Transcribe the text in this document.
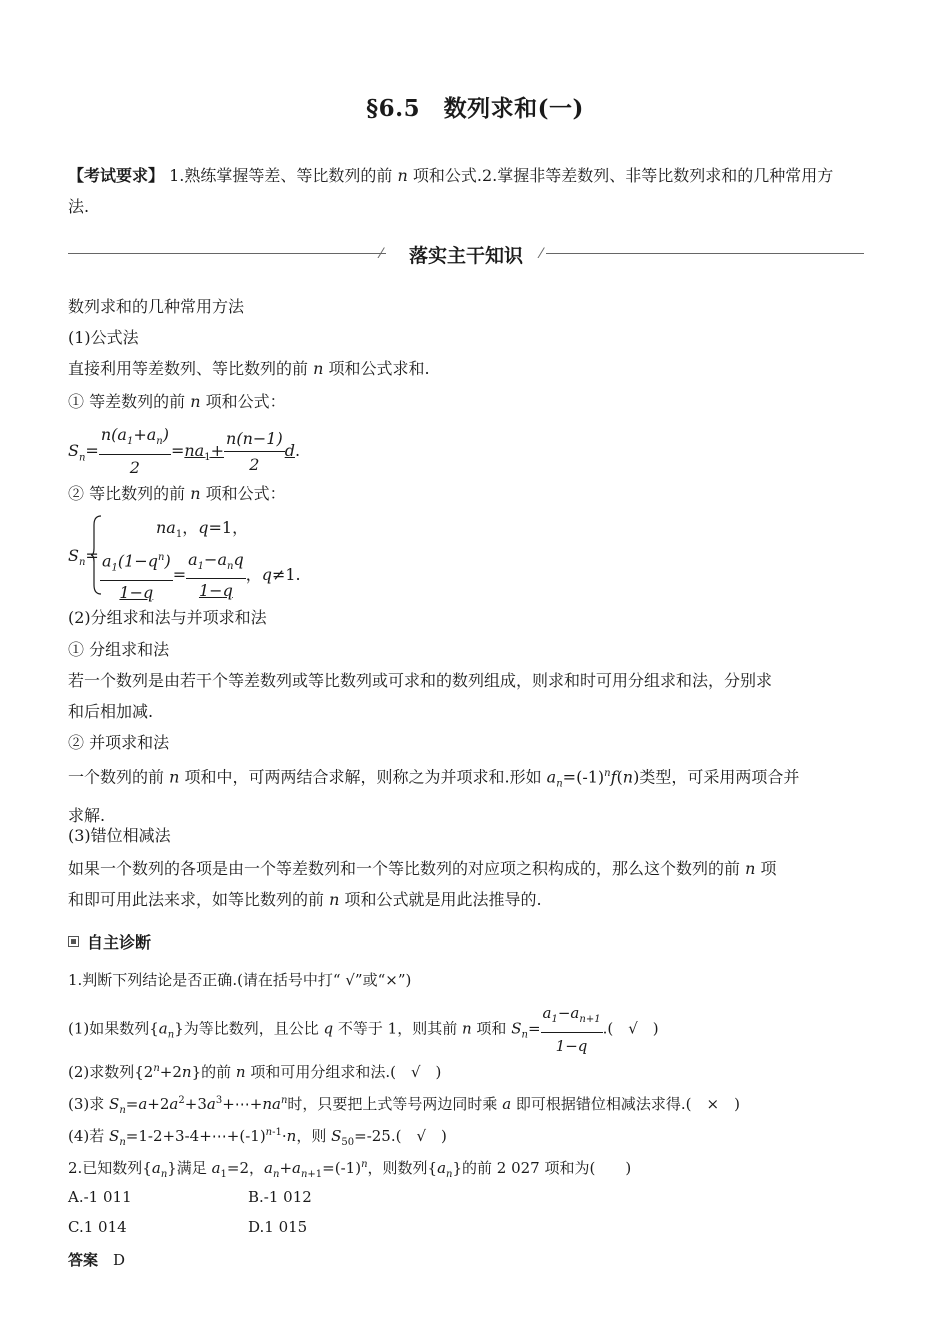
§6.5　数列求和(一)
【考试要求】 1.熟练掌握等差、等比数列的前 n 项和公式.2.掌握非等差数列、非等比数列求和的几种常用方
法.
⁄	落实主干知识	⁄
数列求和的几种常用方法
(1)公式法
直接利用等差数列、等比数列的前 n 项和公式求和.
① 等差数列的前 n 项和公式：
$S_n= \frac{n(a_1+a_n)}{2} =na_1+ \frac{n(n-1)}{2} d$.
② 等比数列的前 n 项和公式：
$S_n=$
$na_1$，q=1，
$\frac{a_1(1-q^n)}{1-q} = \frac{a_1-a_nq}{1-q}$ ，q≠1.
(2)分组求和法与并项求和法
① 分组求和法
若一个数列是由若干个等差数列或等比数列或可求和的数列组成，则求和时可用分组求和法，分别求
和后相加减.
② 并项求和法
一个数列的前 n 项和中，可两两结合求解，则称之为并项求和.形如 $a_n=(-1)^nf(n)$类型，可采用两项合并
求解.
(3)错位相减法
如果一个数列的各项是由一个等差数列和一个等比数列的对应项之积构成的，那么这个数列的前 n 项
和即可用此法来求，如等比数列的前 n 项和公式就是用此法推导的.
自主诊断
1.判断下列结论是否正确.(请在括号中打“ √”或“×”)
(1)如果数列$\{a_n\}$为等比数列，且公比 q 不等于 1，则其前 n 项和 $S_n= \frac{a_1-a_{n+1}}{1-q}$ .(　√　)
(2)求数列$\{2^n+2n\}$的前 n 项和可用分组求和法.(　√　)
(3)求 $S_n=a+2a^2+3a^3+\cdots+na^n$时，只要把上式等号两边同时乘 a 即可根据错位相减法求得.(　×　)
(4)若 $S_n=1-2+3-4+\cdots+(-1)^{n-1}\cdot n$，则 $S_{50}=-25$.(　√　)
2.已知数列$\{a_n\}$满足 $a_1=2$，$a_n+a_{n+1}=(-1)^n$，则数列$\{a_n\}$的前 2 027 项和为(　　)
A.-1 011	B.-1 012
C.1 014	D.1 015
答案　 D
